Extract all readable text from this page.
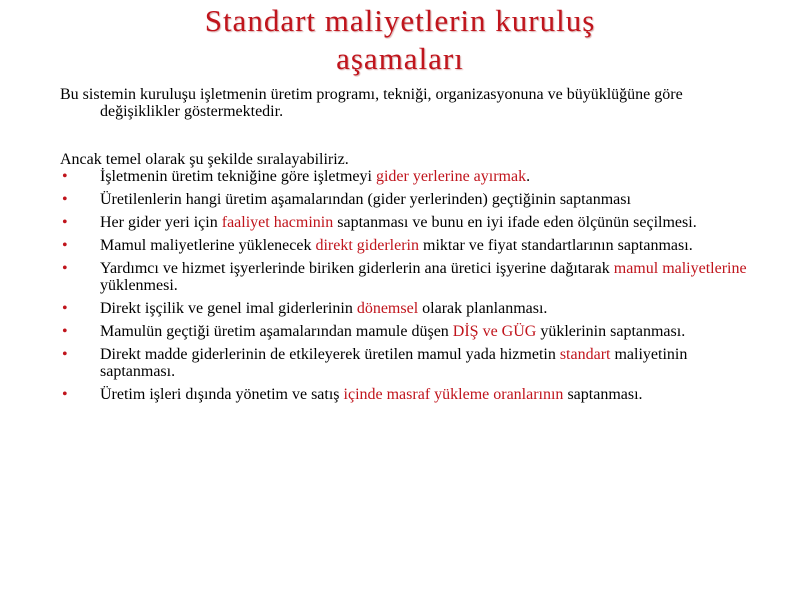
Standart maliyetlerin kuruluş
aşamaları

Bu sistemin kuruluşu işletmenin üretim programı, tekniği, organizasyonuna ve büyüklüğüne göre değişiklikler göstermektedir.

Ancak temel olarak şu şekilde sıralayabiliriz.

• İşletmenin üretim tekniğine göre işletmeyi gider yerlerine ayırmak.
• Üretilenlerin hangi üretim aşamalarından (gider yerlerinden) geçtiğinin saptanması
• Her gider yeri için faaliyet hacminin saptanması ve bunu en iyi ifade eden ölçünün seçilmesi.
• Mamul maliyetlerine yüklenecek direkt giderlerin miktar ve fiyat standartlarının saptanması.
• Yardımcı ve hizmet işyerlerinde biriken giderlerin ana üretici işyerine dağıtarak mamul maliyetlerine yüklenmesi.
• Direkt işçilik ve genel imal giderlerinin dönemsel olarak planlanması.
• Mamulün geçtiği üretim aşamalarından mamule düşen DİŞ ve GÜG yüklerinin saptanması.
• Direkt madde giderlerinin de etkileyerek üretilen mamul yada hizmetin standart maliyetinin saptanması.
• Üretim işleri dışında yönetim ve satış içinde masraf yükleme oranlarının saptanması.
